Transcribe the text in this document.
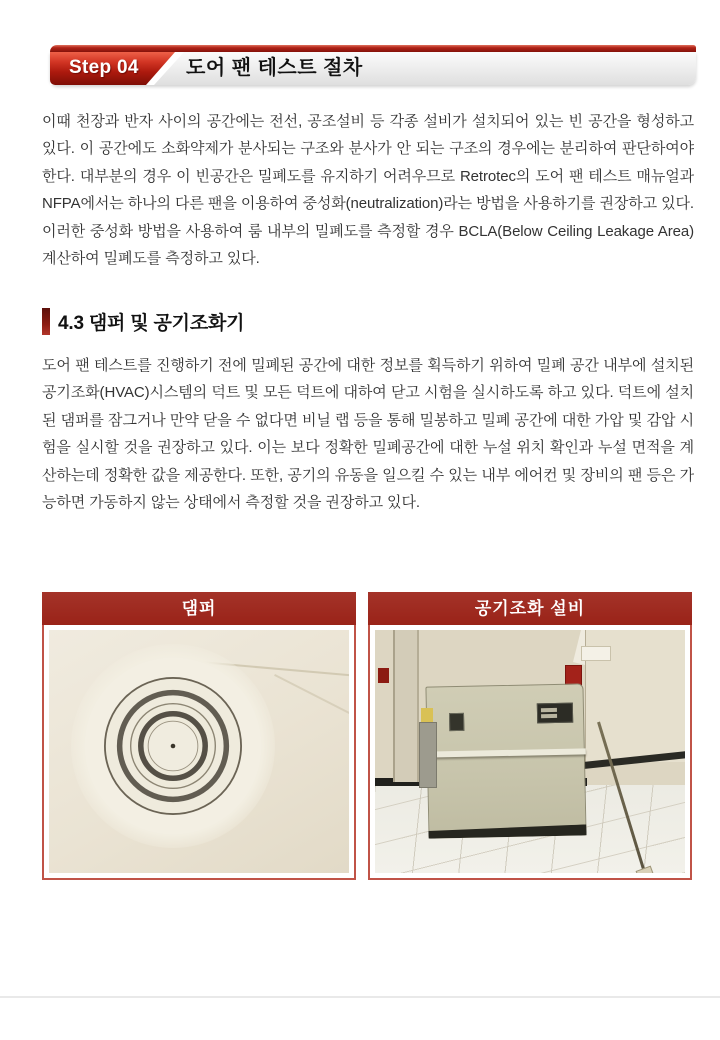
Step 04 도어 팬 테스트 절차

이때 천장과 반자 사이의 공간에는 전선, 공조설비 등 각종 설비가 설치되어 있는 빈 공간을 형성하고 있다. 이 공간에도 소화약제가 분사되는 구조와 분사가 안 되는 구조의 경우에는 분리하여 판단하여야 한다. 대부분의 경우 이 빈공간은 밀폐도를 유지하기 어려우므로 Retrotec의 도어 팬 테스트 매뉴얼과 NFPA에서는 하나의 다른 팬을 이용하여 중성화(neutralization)라는 방법을 사용하기를 권장하고 있다. 이러한 중성화 방법을 사용하여 룸 내부의 밀폐도를 측정할 경우 BCLA(Below Ceiling Leakage Area) 계산하여 밀폐도를 측정하고 있다.

4.3 댐퍼 및 공기조화기

도어 팬 테스트를 진행하기 전에 밀폐된 공간에 대한 정보를 획득하기 위하여 밀폐 공간 내부에 설치된 공기조화(HVAC)시스템의 덕트 및 모든 덕트에 대하여 닫고 시험을 실시하도록 하고 있다. 덕트에 설치된 댐퍼를 잠그거나 만약 닫을 수 없다면 비닐 랩 등을 통해 밀봉하고 밀폐 공간에 대한 가압 및 감압 시험을 실시할 것을 권장하고 있다. 이는 보다 정확한 밀폐공간에 대한 누설 위치 확인과 누설 면적을 계산하는데 정확한 값을 제공한다. 또한, 공기의 유동을 일으킬 수 있는 내부 에어컨 및 장비의 팬 등은 가능하면 가동하지 않는 상태에서 측정할 것을 권장하고 있다.

댐퍼	공기조화 설비
